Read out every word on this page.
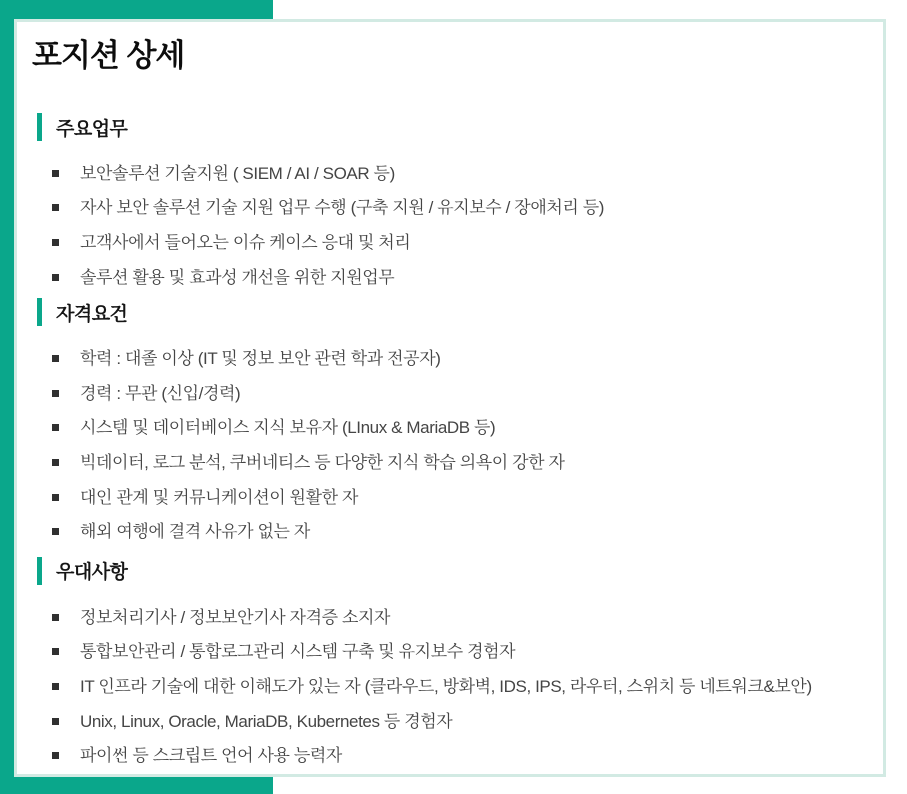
포지션 상세
주요업무
보안솔루션 기술지원 ( SIEM / AI / SOAR 등)
자사 보안 솔루션 기술 지원 업무 수행 (구축 지원 / 유지보수 / 장애처리 등)
고객사에서 들어오는 이슈 케이스 응대 및 처리
솔루션 활용 및 효과성 개선을 위한 지원업무
자격요건
학력 : 대졸 이상 (IT 및 정보 보안 관련 학과 전공자)
경력 : 무관 (신입/경력)
시스템 및 데이터베이스 지식 보유자 (LInux & MariaDB 등)
빅데이터, 로그 분석, 쿠버네티스 등 다양한 지식 학습 의욕이 강한 자
대인 관계 및 커뮤니케이션이 원활한 자
해외 여행에 결격 사유가 없는 자
우대사항
정보처리기사 / 정보보안기사 자격증 소지자
통합보안관리 / 통합로그관리 시스템 구축 및 유지보수 경험자
IT 인프라 기술에 대한 이해도가 있는 자 (클라우드, 방화벽, IDS, IPS, 라우터, 스위치 등 네트워크&보안)
Unix, Linux, Oracle, MariaDB, Kubernetes 등 경험자
파이썬 등 스크립트 언어 사용 능력자
